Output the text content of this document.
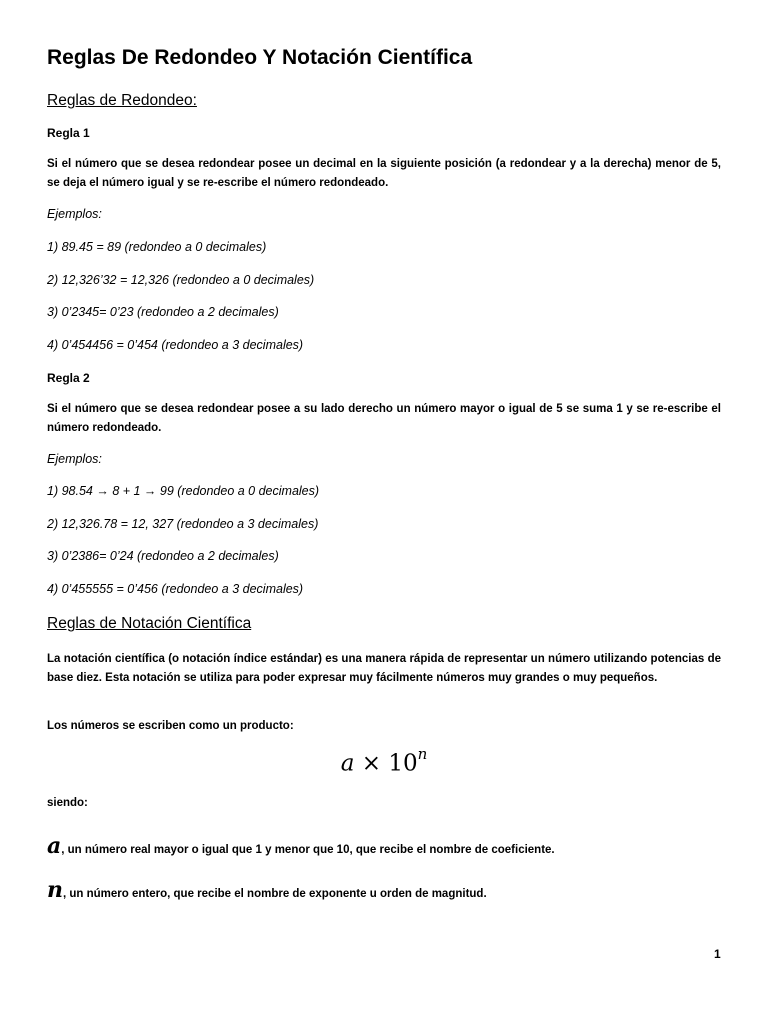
Reglas De Redondeo Y Notación Científica
Reglas de Redondeo:
Regla 1
Si el número que se desea redondear posee un decimal en la siguiente posición (a redondear y a la derecha) menor de 5, se deja el número igual y se re-escribe el número redondeado.
Ejemplos:
1) 89.45 = 89 (redondeo a 0 decimales)
2) 12,326’32 = 12,326 (redondeo a 0 decimales)
3) 0’2345= 0’23 (redondeo a 2 decimales)
4) 0’454456 = 0’454 (redondeo a 3 decimales)
Regla 2
Si el número que se desea redondear posee a su lado derecho un número mayor o igual de 5 se suma 1 y se re-escribe el número redondeado.
Ejemplos:
1) 98.54 → 8 + 1 → 99 (redondeo a 0 decimales)
2) 12,326.78 = 12, 327 (redondeo a 3 decimales)
3) 0’2386= 0’24 (redondeo a 2 decimales)
4) 0’455555 = 0’456 (redondeo a 3 decimales)
Reglas de Notación Científica
La notación científica (o notación índice estándar) es una manera rápida de representar un número utilizando potencias de base diez. Esta notación se utiliza para poder expresar muy fácilmente números muy grandes o muy pequeños.
Los números se escriben como un producto:
$a \times 10^n$
siendo:
a, un número real mayor o igual que 1 y menor que 10, que recibe el nombre de coeficiente.
n, un número entero, que recibe el nombre de exponente u orden de magnitud.
1
